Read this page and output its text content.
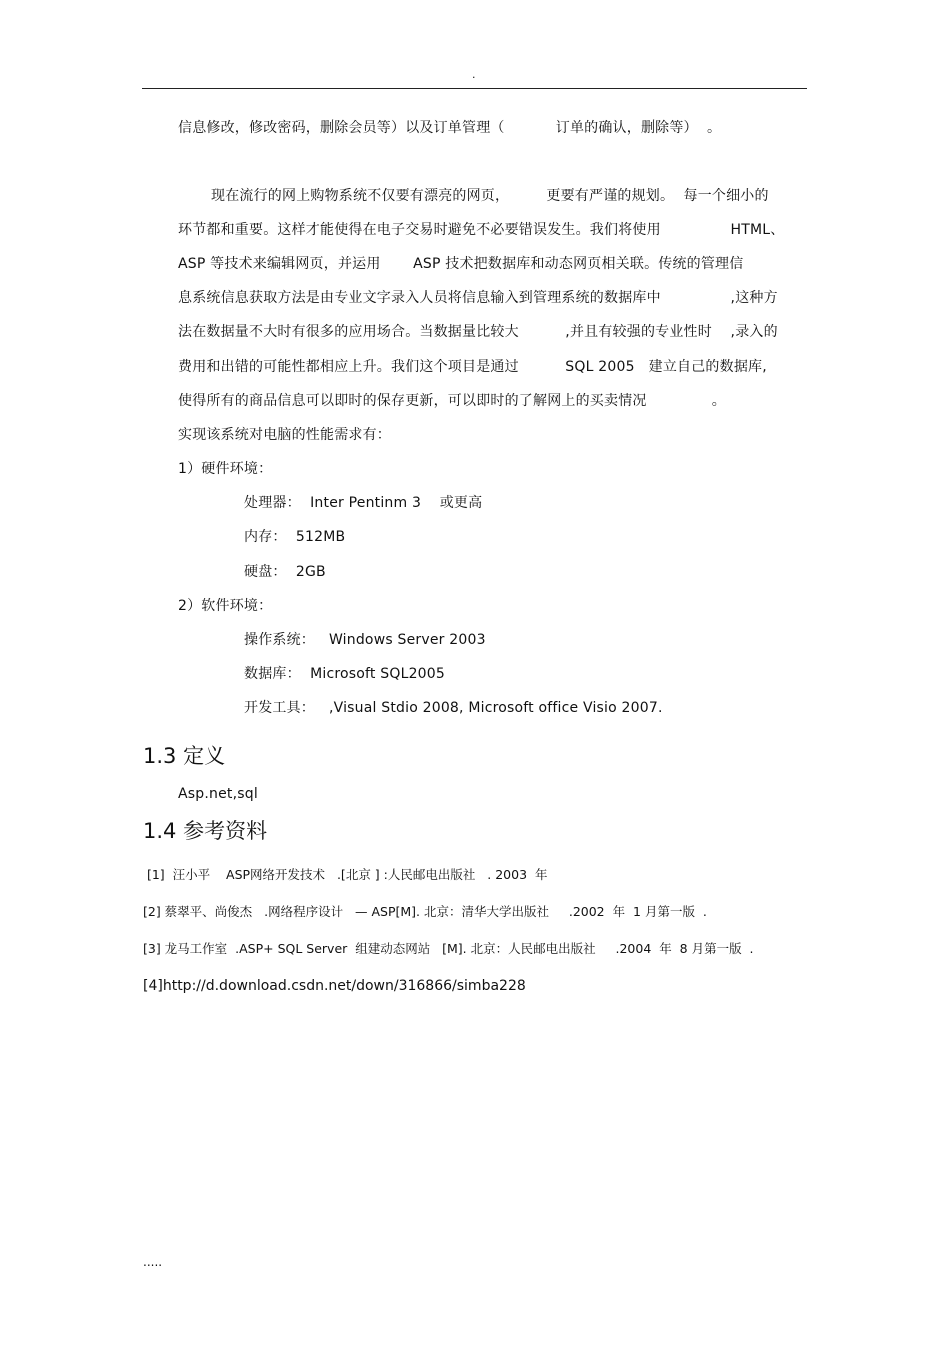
.
信息修改，修改密码，删除会员等）以及订单管理（           订单的确认，删除等）  。
现在流行的网上购物系统不仅要有漂亮的网页，        更要有严谨的规划。  每一个细小的
环节都和重要。这样才能使得在电子交易时避免不必要错误发生。我们将使用               HTML、
ASP 等技术来编辑网页，并运用       ASP 技术把数据库和动态网页相关联。传统的管理信
息系统信息获取方法是由专业文字录入人员将信息输入到管理系统的数据库中               ,这种方
法在数据量不大时有很多的应用场合。当数据量比较大          ,并且有较强的专业性时    ,录入的
费用和出错的可能性都相应上升。我们这个项目是通过          SQL 2005   建立自己的数据库,
使得所有的商品信息可以即时的保存更新，可以即时的了解网上的买卖情况              。
实现该系统对电脑的性能需求有：
1）硬件环境：
处理器：  Inter Pentinm 3    或更高
内存：  512MB
硬盘：  2GB
2）软件环境：
操作系统：   Windows Server 2003
数据库：  Microsoft SQL2005
开发工具：   ,Visual Stdio 2008, Microsoft office Visio 2007.
1.3 定义
Asp.net,sql
1.4 参考资料
[1]  汪小平    ASP网络开发技术   .[北京 ] :人民邮电出版社   . 2003  年
[2] 蔡翠平、尚俊杰   .网络程序设计   — ASP[M]. 北京：清华大学出版社     .2002  年  1 月第一版  .
[3] 龙马工作室  .ASP+ SQL Server  组建动态网站   [M]. 北京：人民邮电出版社     .2004  年  8 月第一版  .
[4]http://d.download.csdn.net/down/316866/simba228
.....
